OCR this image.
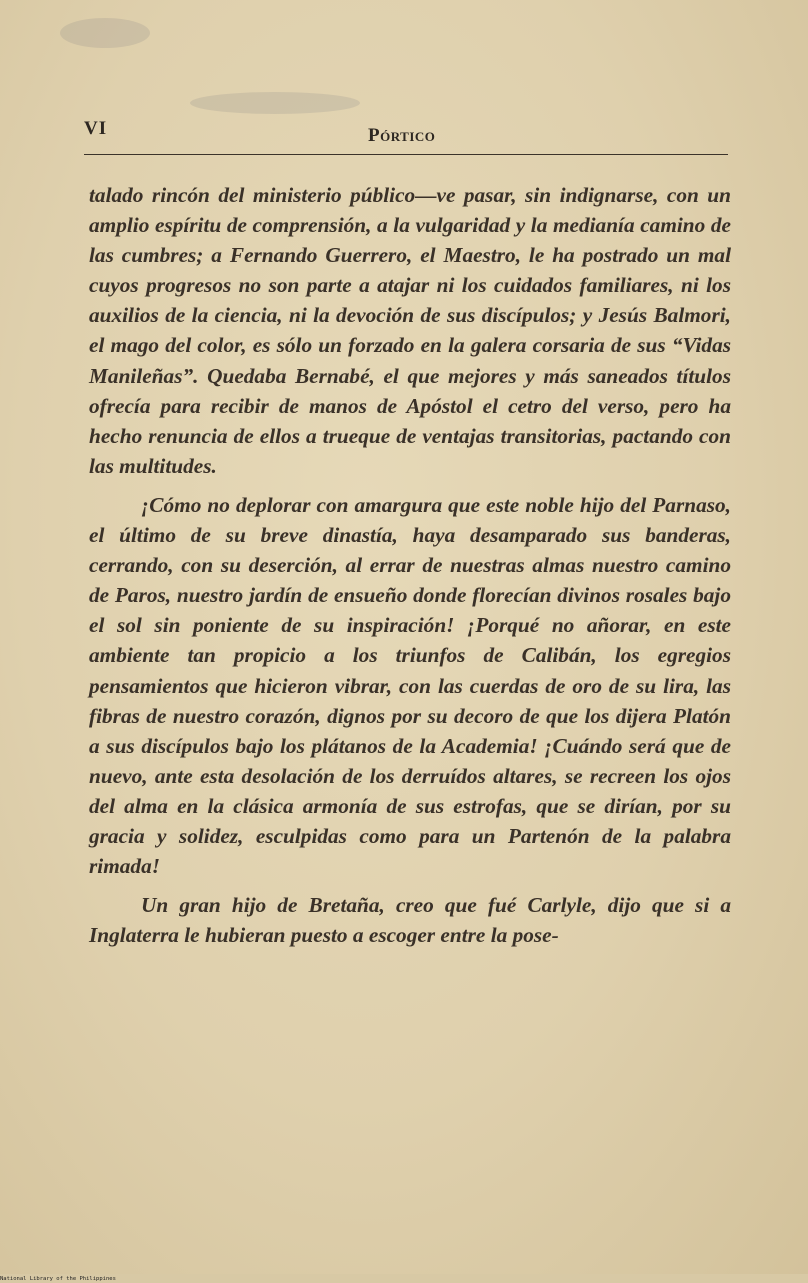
VI	Pórtico

talado rincón del ministerio público—ve pasar, sin indignarse, con un amplio espíritu de comprensión, a la vulgaridad y la medianía camino de las cumbres; a Fernando Guerrero, el Maestro, le ha postrado un mal cuyos progresos no son parte a atajar ni los cuidados familiares, ni los auxilios de la ciencia, ni la devoción de sus discípulos; y Jesús Balmori, el mago del color, es sólo un forzado en la galera corsaria de sus “Vidas Manileñas”. Quedaba Bernabé, el que mejores y más saneados títulos ofrecía para recibir de manos de Apóstol el cetro del verso, pero ha hecho renuncia de ellos a trueque de ventajas transitorias, pactando con las multitudes.

¡Cómo no deplorar con amargura que este noble hijo del Parnaso, el último de su breve dinastía, haya desamparado sus banderas, cerrando, con su deserción, al errar de nuestras almas nuestro camino de Paros, nuestro jardín de ensueño donde florecían divinos rosales bajo el sol sin poniente de su inspiración! ¡Porqué no añorar, en este ambiente tan propicio a los triunfos de Calibán, los egregios pensamientos que hicieron vibrar, con las cuerdas de oro de su lira, las fibras de nuestro corazón, dignos por su decoro de que los dijera Platón a sus discípulos bajo los plátanos de la Academia! ¡Cuándo será que de nuevo, ante esta desolación de los derruídos altares, se recreen los ojos del alma en la clásica armonía de sus estrofas, que se dirían, por su gracia y solidez, esculpidas como para un Partenón de la palabra rimada!

Un gran hijo de Bretaña, creo que fué Carlyle, dijo que si a Inglaterra le hubieran puesto a escoger entre la pose-

National Library of the Philippines
